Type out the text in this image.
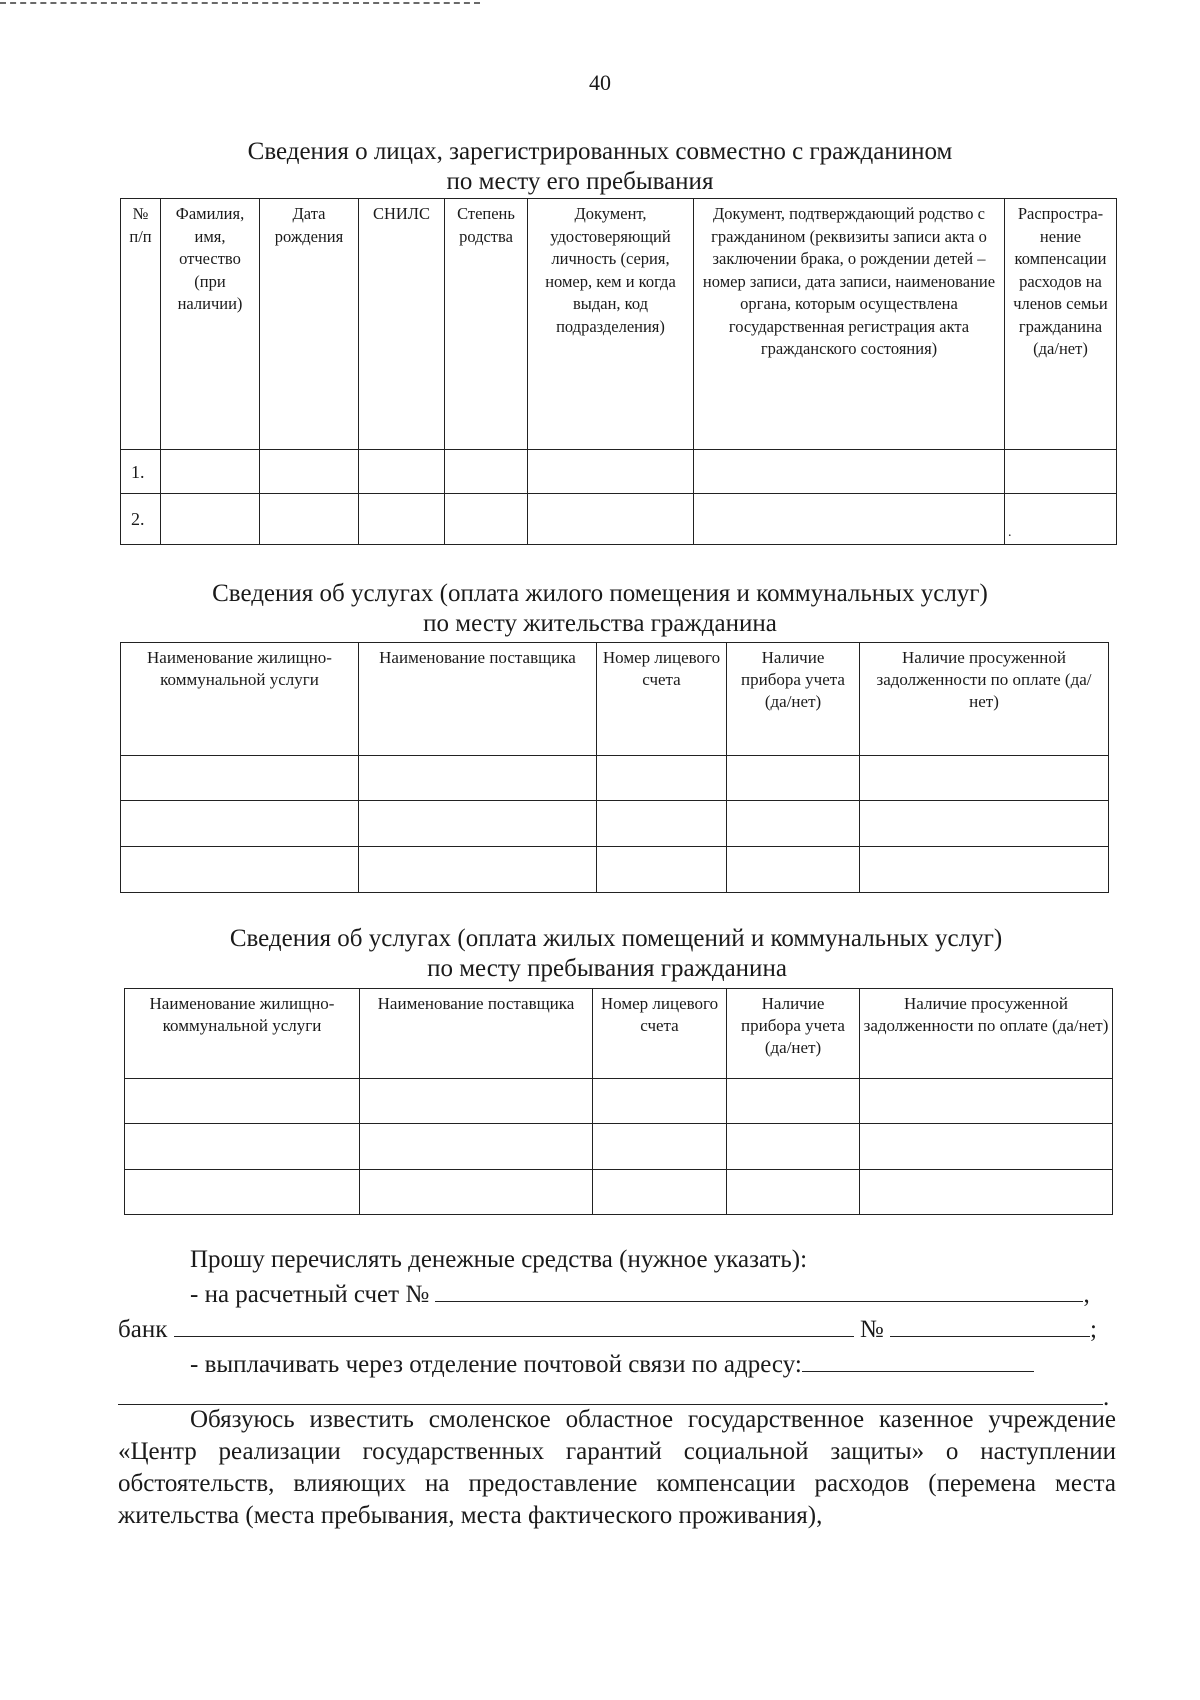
40
Сведения о лицах, зарегистрированных совместно с гражданином
по месту его пребывания
№ п/п	Фамилия, имя, отчество (при наличии)	Дата рождения	СНИЛС	Степень родства	Документ, удостоверяющий личность (серия, номер, кем и когда выдан, код подразделения)	Документ, подтверждающий родство с гражданином (реквизиты записи акта о заключении брака, о рождении детей – номер записи, дата записи, наименование органа, которым осуществлена государственная регистрация акта гражданского состояния)	Распростра-нение компенсации расходов на членов семьи гражданина (да/нет)
1.							
2.							.
Сведения об услугах (оплата жилого помещения и коммунальных услуг)
по месту жительства гражданина
Наименование жилищно-коммунальной услуги	Наименование поставщика	Номер лицевого счета	Наличие прибора учета (да/нет)	Наличие просуженной задолженности по оплате (да/нет)

Сведения об услугах (оплата жилых помещений и коммунальных услуг)
по месту пребывания гражданина
Наименование жилищно-коммунальной услуги	Наименование поставщика	Номер лицевого счета	Наличие прибора учета (да/нет)	Наличие просуженной задолженности по оплате (да/нет)

Прошу перечислять денежные средства (нужное указать):
- на расчетный счет №	,
банк	№	;
- выплачивать через отделение почтовой связи по адресу:
.
Обязуюсь известить смоленское областное государственное казенное учреждение «Центр реализации государственных гарантий социальной защиты» о наступлении обстоятельств, влияющих на предоставление компенсации расходов (перемена места жительства (места пребывания, места фактического проживания),
